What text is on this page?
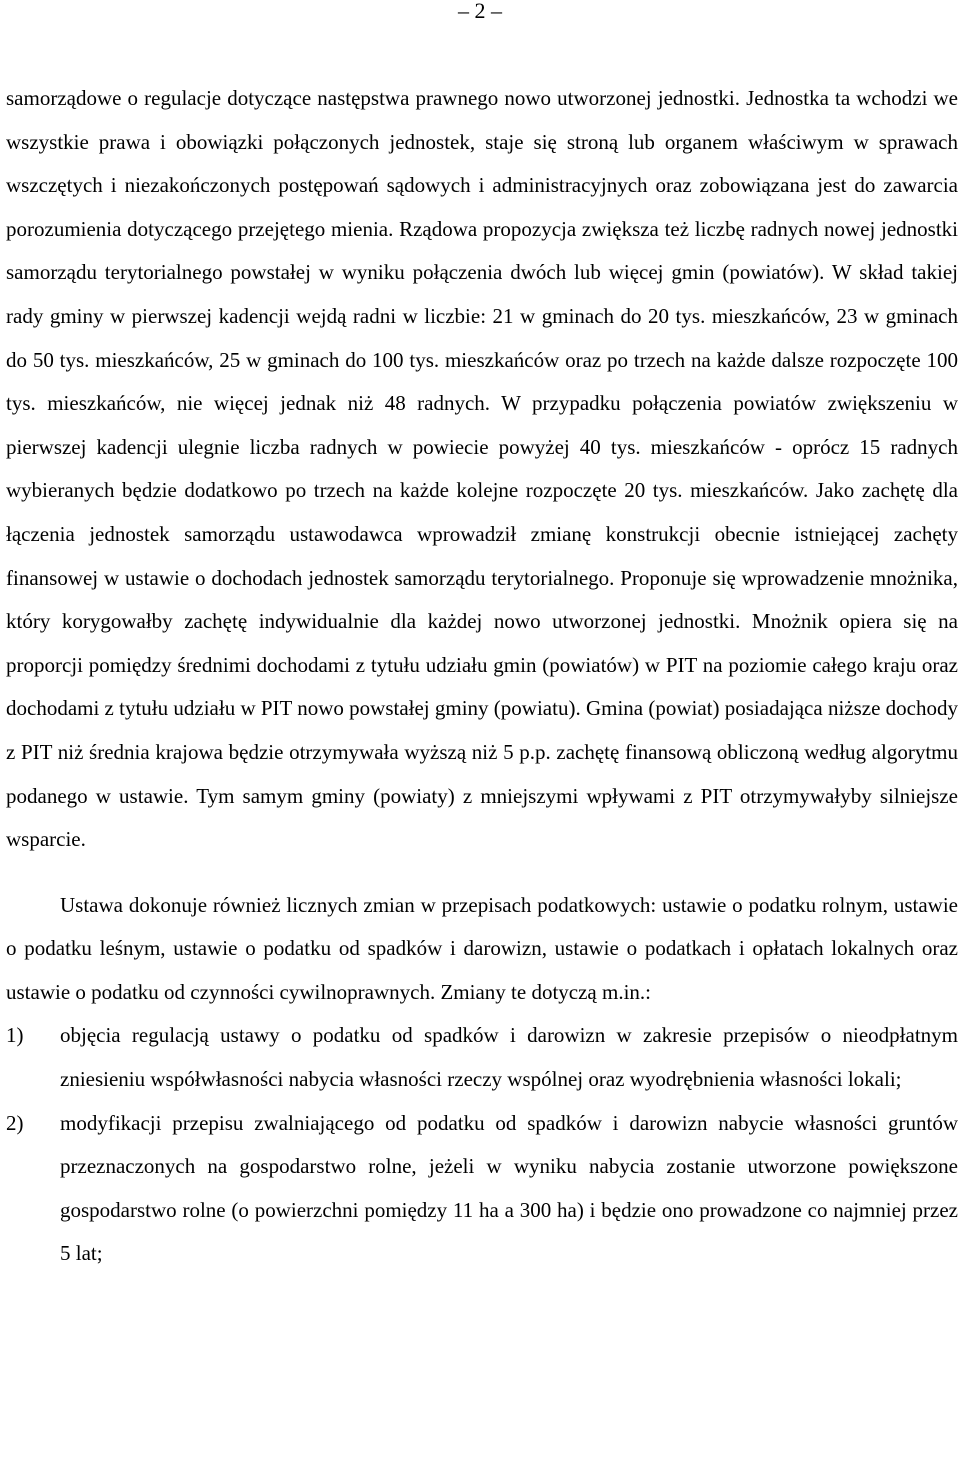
– 2 –

samorządowe o regulacje dotyczące następstwa prawnego nowo utworzonej jednostki. Jednostka ta wchodzi we wszystkie prawa i obowiązki połączonych jednostek, staje się stroną lub organem właściwym w sprawach wszczętych i niezakończonych postępowań sądowych i administracyjnych oraz zobowiązana jest do zawarcia porozumienia dotyczącego przejętego mienia. Rządowa propozycja zwiększa też liczbę radnych nowej jednostki samorządu terytorialnego powstałej w wyniku połączenia dwóch lub więcej gmin (powiatów). W skład takiej rady gminy w pierwszej kadencji wejdą radni w liczbie: 21 w gminach do 20 tys. mieszkańców, 23 w gminach do 50 tys. mieszkańców, 25 w gminach do 100 tys. mieszkańców oraz po trzech na każde dalsze rozpoczęte 100 tys. mieszkańców, nie więcej jednak niż 48 radnych. W przypadku połączenia powiatów zwiększeniu w pierwszej kadencji ulegnie liczba radnych w powiecie powyżej 40 tys. mieszkańców - oprócz 15 radnych wybieranych będzie dodatkowo po trzech na każde kolejne rozpoczęte 20 tys. mieszkańców. Jako zachętę dla łączenia jednostek samorządu ustawodawca wprowadził zmianę konstrukcji obecnie istniejącej zachęty finansowej w ustawie o dochodach jednostek samorządu terytorialnego. Proponuje się wprowadzenie mnożnika, który korygowałby zachętę indywidualnie dla każdej nowo utworzonej jednostki. Mnożnik opiera się na proporcji pomiędzy średnimi dochodami z tytułu udziału gmin (powiatów) w PIT na poziomie całego kraju oraz dochodami z tytułu udziału w PIT nowo powstałej gminy (powiatu). Gmina (powiat) posiadająca niższe dochody z PIT niż średnia krajowa będzie otrzymywała wyższą niż 5 p.p. zachętę finansową obliczoną według algorytmu podanego w ustawie. Tym samym gminy (powiaty) z mniejszymi wpływami z PIT otrzymywałyby silniejsze wsparcie.

Ustawa dokonuje również licznych zmian w przepisach podatkowych: ustawie o podatku rolnym, ustawie o podatku leśnym, ustawie o podatku od spadków i darowizn, ustawie o podatkach i opłatach lokalnych oraz ustawie o podatku od czynności cywilnoprawnych. Zmiany te dotyczą m.in.:

1) objęcia regulacją ustawy o podatku od spadków i darowizn w zakresie przepisów o nieodpłatnym zniesieniu współwłasności nabycia własności rzeczy wspólnej oraz wyodrębnienia własności lokali;
2) modyfikacji przepisu zwalniającego od podatku od spadków i darowizn nabycie własności gruntów przeznaczonych na gospodarstwo rolne, jeżeli w wyniku nabycia zostanie utworzone powiększone gospodarstwo rolne (o powierzchni pomiędzy 11 ha a 300 ha) i będzie ono prowadzone co najmniej przez 5 lat;
